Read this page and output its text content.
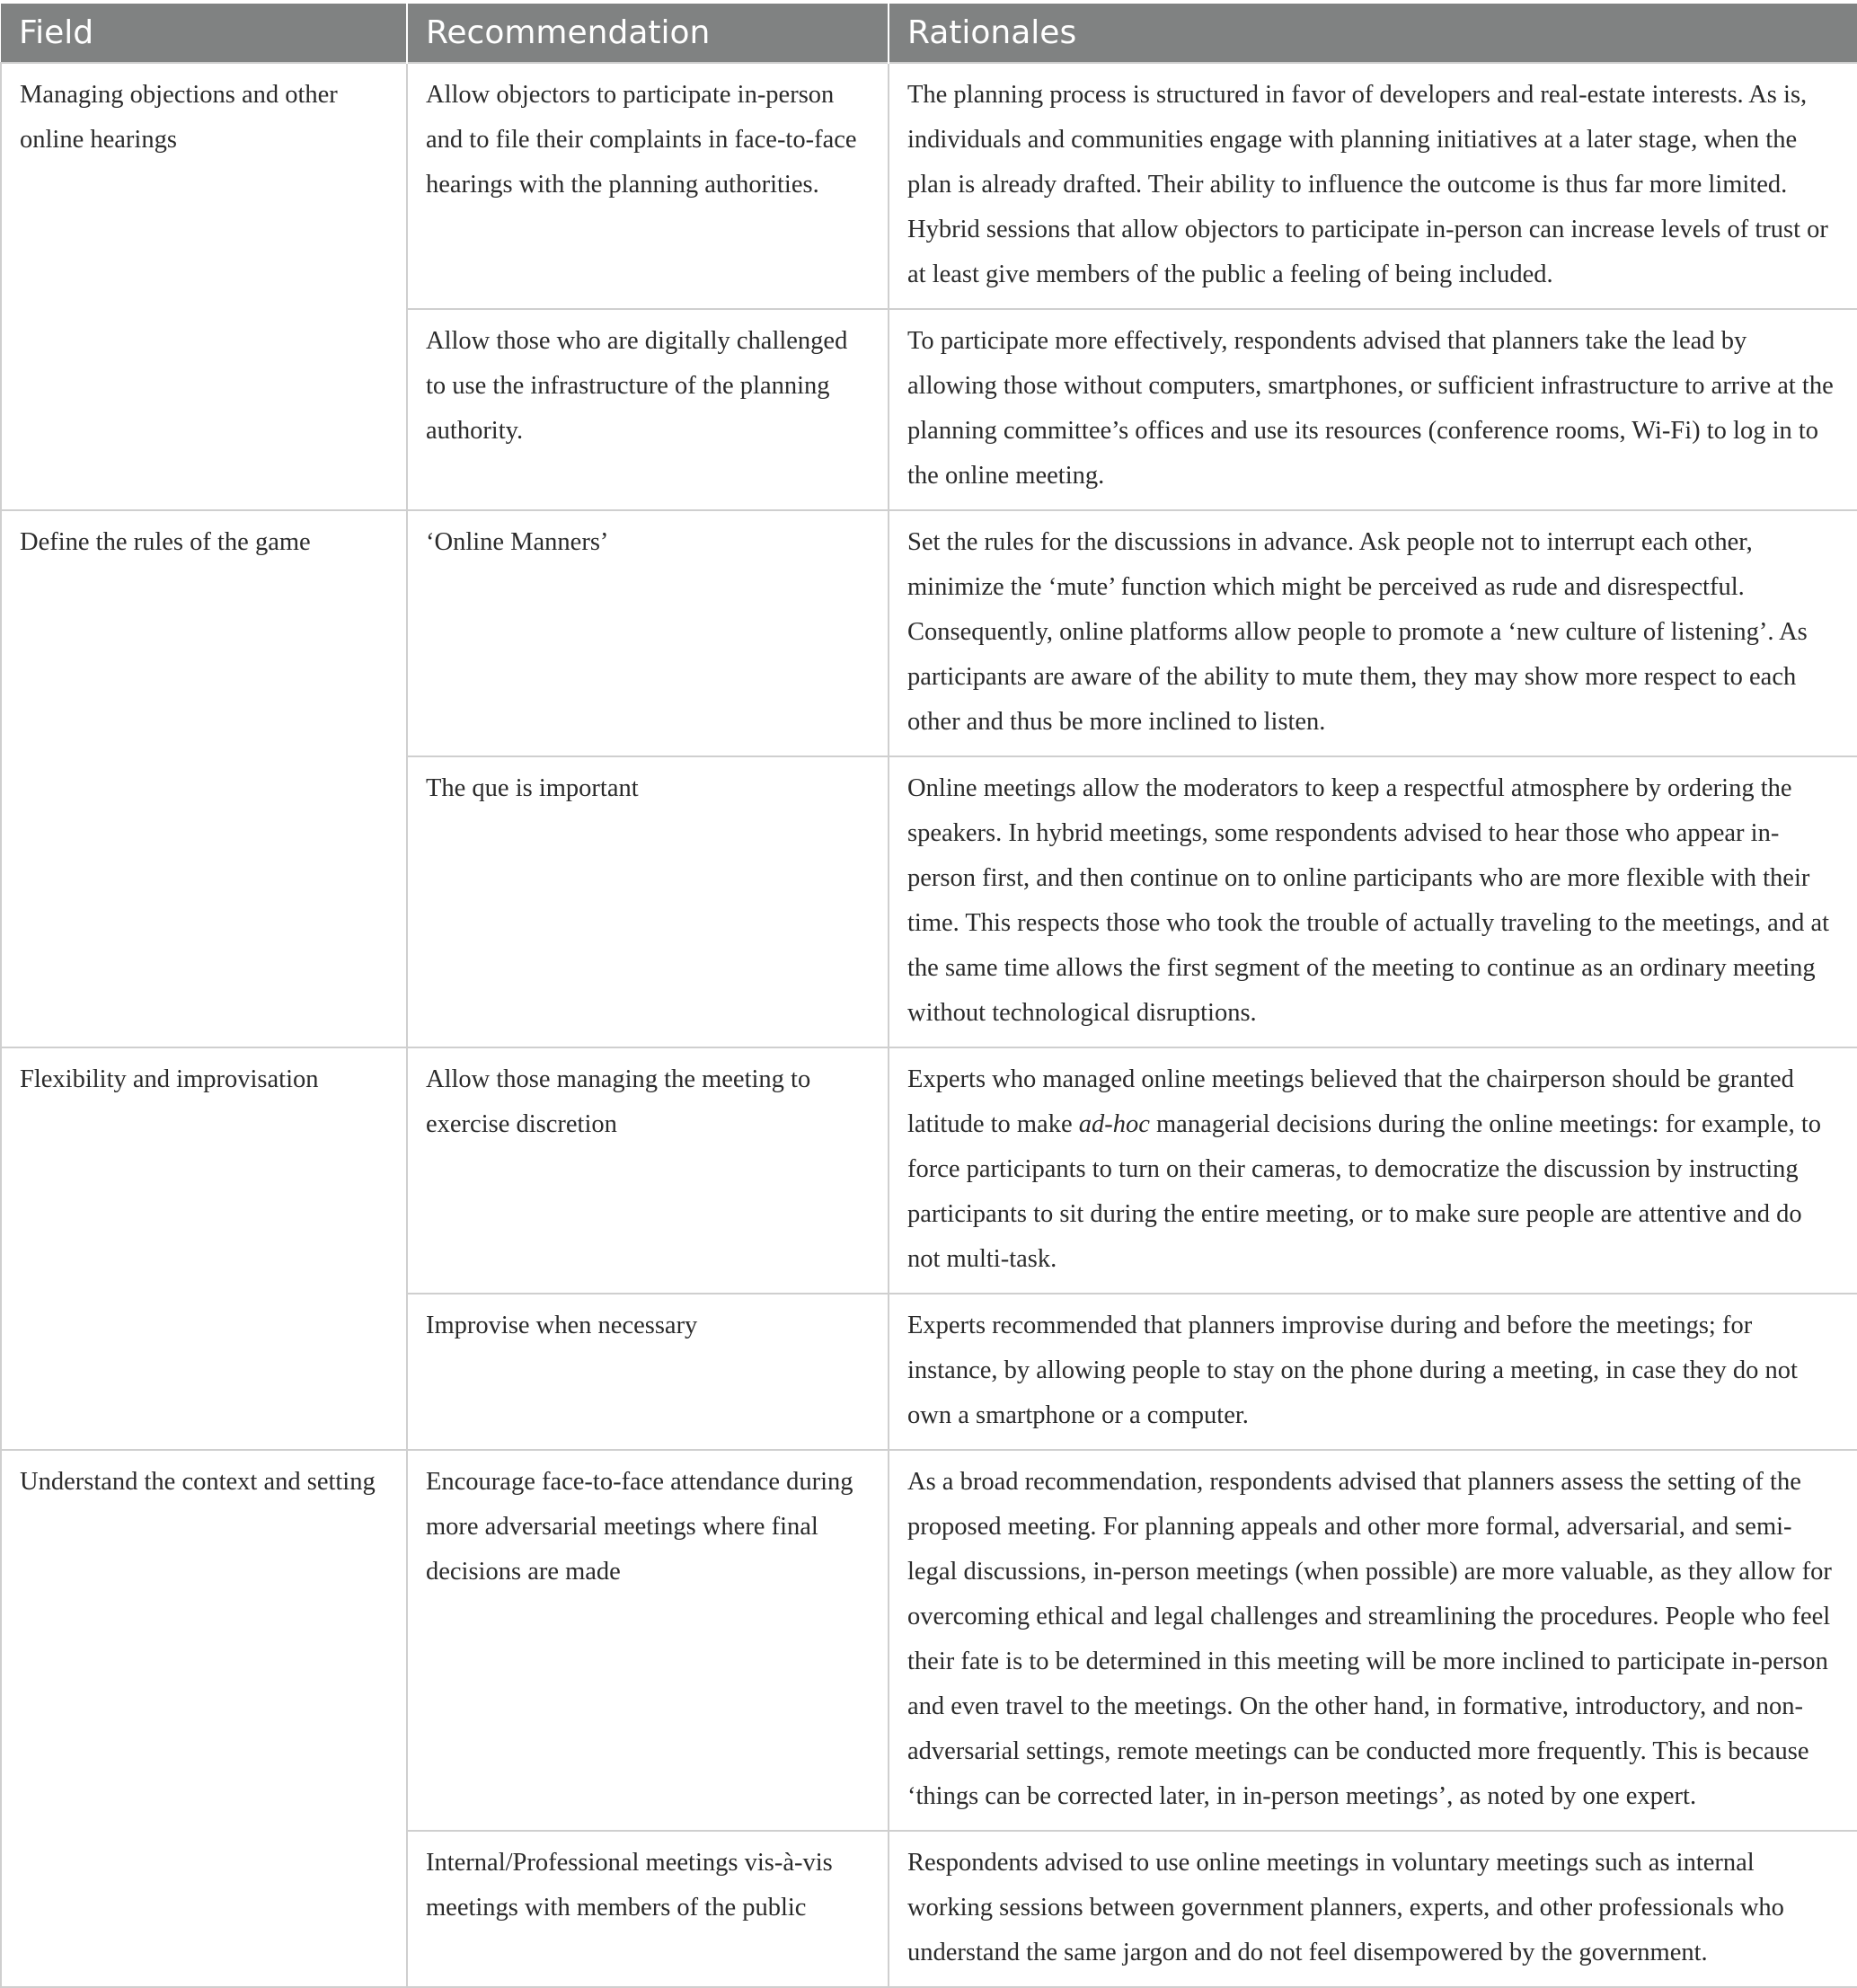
Field	Recommendation	Rationales
Managing objections and other online hearings	Allow objectors to participate in-person and to file their complaints in face-to-face hearings with the planning authorities.	The planning process is structured in favor of developers and real-estate interests. As is, individuals and communities engage with planning initiatives at a later stage, when the plan is already drafted. Their ability to influence the outcome is thus far more limited. Hybrid sessions that allow objectors to participate in-person can increase levels of trust or at least give members of the public a feeling of being included.
	Allow those who are digitally challenged to use the infrastructure of the planning authority.	To participate more effectively, respondents advised that planners take the lead by allowing those without computers, smartphones, or sufficient infrastructure to arrive at the planning committee’s offices and use its resources (conference rooms, Wi-Fi) to log in to the online meeting.
Define the rules of the game	‘Online Manners’	Set the rules for the discussions in advance. Ask people not to interrupt each other, minimize the ‘mute’ function which might be perceived as rude and disrespectful. Consequently, online platforms allow people to promote a ‘new culture of listening’. As participants are aware of the ability to mute them, they may show more respect to each other and thus be more inclined to listen.
	The que is important	Online meetings allow the moderators to keep a respectful atmosphere by ordering the speakers. In hybrid meetings, some respondents advised to hear those who appear in-person first, and then continue on to online participants who are more flexible with their time. This respects those who took the trouble of actually traveling to the meetings, and at the same time allows the first segment of the meeting to continue as an ordinary meeting without technological disruptions.
Flexibility and improvisation	Allow those managing the meeting to exercise discretion	Experts who managed online meetings believed that the chairperson should be granted latitude to make ad-hoc managerial decisions during the online meetings: for example, to force participants to turn on their cameras, to democratize the discussion by instructing participants to sit during the entire meeting, or to make sure people are attentive and do not multi-task.
	Improvise when necessary	Experts recommended that planners improvise during and before the meetings; for instance, by allowing people to stay on the phone during a meeting, in case they do not own a smartphone or a computer.
Understand the context and setting	Encourage face-to-face attendance during more adversarial meetings where final decisions are made	As a broad recommendation, respondents advised that planners assess the setting of the proposed meeting. For planning appeals and other more formal, adversarial, and semi-legal discussions, in-person meetings (when possible) are more valuable, as they allow for overcoming ethical and legal challenges and streamlining the procedures. People who feel their fate is to be determined in this meeting will be more inclined to participate in-person and even travel to the meetings. On the other hand, in formative, introductory, and non-adversarial settings, remote meetings can be conducted more frequently. This is because ‘things can be corrected later, in in-person meetings’, as noted by one expert.
	Internal/Professional meetings vis-à-vis meetings with members of the public	Respondents advised to use online meetings in voluntary meetings such as internal working sessions between government planners, experts, and other professionals who understand the same jargon and do not feel disempowered by the government.
